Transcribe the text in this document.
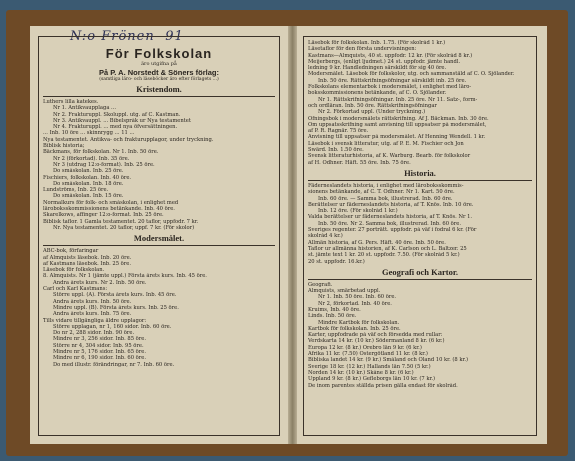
N:o Frönen -91
För Folkskolan
äro utgifna på
På P. A. Norstedt & Söners förlag:
(samtliga läro- och läseböcker äro efter förlagets ...)
Kristendom.
Luthers lilla katekes.
Nr 1. Antikvaupplaga ...
Nr 2. Frakturuppl. Skoluppl. utg. af C. Kastman.
Nr 3. Antikvauppl. ... Bibelspråk ur Nya testamentet
Nr 4. Frakturuppl. ... med nya öfversättningen.
... Inb. 10 öre ... skinnrygg ... 11 ...
Nya testamentet. Antikva- och frakturupplagor, under tryckning.
Biblisk historia;
Bäckmans, för folkskolan. Nr 1. Inb. 50 öre.
Nr 2 (förkortad). Inb. 35 öre.
Nr 3 (utdrag 12:o-format). Inb. 25 öre.
Do småskolan. Inb. 25 öre.
Fischiers, folkskolan. Inb. 40 öre.
Do småskolan. Inb. 18 öre.
Lundströms, Inb. 25 öre.
Do småskolan. Inb. 15 öre.
Normalkurs för folk- och småskolan, i enlighet med
läroboksskommissionens betänkande. Inb. 40 öre.
Skarelkows, affinger 12:o-format. Inb. 25 öre.
Biblisk taflor. 1 Gamla testamentet. 20 taflor, uppfodr. 7 kr.
Nr. Nya testamentet. 20 taflor, uppf. 7 kr. (För skolor)
Modersmålet.
ABC-bok, förfaringar
af Almquists läsebok. Inb. 20 öre.
af Kastmans läsebok. Inb. 25 öre.
Läsebok för folkskolan.
8. Almquists. Nr 1 (jämte uppl.) Första årets kurs. Inb. 45 öre.
Andra årets kurs. Nr 2. Inb. 50 öre.
Carl och Karl Kastmans:
Större uppl. (A). Första årets kurs. Inb. 45 öre.
Andra årets kurs. Inb. 50 öre.
Mindre uppl. (B). Första årets kurs. Inb. 25 öre.
Andra årets kurs. Inb. 75 öre.
Tills vidare tillgängliga äldre upplagor:
Större upplagan, nr 1, 160 sidor. Inb. 60 öre.
Do nr 2, 288 sidor. Inb. 90 öre.
Mindre nr 3, 256 sidor. Inb. 85 öre.
Större nr 4, 304 sidor. Inb. 95 öre.
Mindre nr 5, 176 sidor. Inb. 65 öre.
Mindre nr 6, 190 sidor. Inb. 60 öre.
Do med illustr. förändringar, nr 7. Inb. 60 öre.
Läsebok för folkskolan. Inb. 1.75. (För skolråd 1 kr.)
Läsetaflor för den första undervisningen:
Kastmans—Almquists, 40 st. uppfodr. 12 kr. (För skolråd 8 kr.)
Meijerbergs, (enligt ljudmet.) 24 st. uppfodr. jämte handl.
ledning 9 kr. Handledningen särskildt för sig 40 öre.
Modersmålet. Läsebok för folkskolor, utg. och sammanstäld af C. O. Sjölander.
Inb. 50 öre. Rättskrifningsöfningar särskildt inb. 25 öre.
Folkskolans elementarbok i modersmålet, i enlighet med läro-
boksskommissionens betänkande, af C. O. Sjölander.
Nr 1. Rättskrifningsöfningar. Inb. 25 öre. Nr 11. Satz-, form-
och ordläran. Inb. 50 öre. Rättskrifningsöfningar
Nr 2. Förkortad uppl. (Under tryckning.)
Öfningsbok i modersmålets rättskrifning. Af J. Bäckman. Inb. 30 öre.
Om uppsatsskrifning samt anvisning till uppsatser på modersmålet,
af P. R. Ragnär. 75 öre.
Anvisning till uppsatser på modersmålet. Af Henning Wendell. 1 kr.
Läsebok i svensk litteratur, utg. af P. E. M. Fischier och Jon
Swärd. Inb. 1.50 öre.
Svensk litteraturhistoria, af K. Warburg. Bearb. för folkskolor
af H. Odhner. Häft. 55 öre. Inb. 75 öre.
Historia.
Fäderneslandets historia, i enlighet med läroboksskommis-
sionens betänkande, af C. T. Odhner. Nr 1. Kart. 50 öre.
Inb. 60 öre. — Samma bok, illustrerad. Inb. 60 öre.
Berättelser ur fäderneslandets historia, af T. Knös. Inb. 10 öre.
Inb. 12 öre. (För skolråd 1 kr.)
Valda berättelser ur fäderneslandets historia, af T. Knös. Nr 1.
Inb. 50 öre. Nr 2. Samma bok, illustrerad. Inb. 60 öre.
Sveriges regenter. 27 porträtt. uppfodr. på väf i fodral 6 kr. (För
skolråd 4 kr.)
Allmän historia, af G. Pers. Häft. 40 öre. Inb. 50 öre.
Taflor ur allmänna historien, af K. Carlson och L. Baltzer. 25
st. jämte text 1 kr. 20 st. uppfodr. 7.50. (För skolråd 5 kr.)
20 st. uppfodr. 16.kr.)
Geografi och Kartor.
Geografi.
Almquists, smärbetad uppl.
Nr 1. Inb. 50 öre. Inb. 60 öre.
Nr 2, förkortad. Inb. 40 öre.
Kruims, Inb. 40 öre.
Linds. Inb. 50 öre.
Mindre Kartbok för folkskolan.
Kartbok för folkskolan. Inb. 25 öre.
Karter, uppfodrade på väf och försedda med rullar:
Verdskarta 14 kr. (10 kr.) Södermanland 8 kr. (6 kr.)
Europa 12 kr. (8 kr.) Örebro län 9 kr. (6 kr.)
Afrika 11 kr. (7.50) Östergötland 11 kr. (8 kr.)
Bibliska landet 14 kr. (9 kr.) Småland och Öland 10 kr. (8 kr.)
Sverige 18 kr. (12 kr.) Hallands län 7.50 (5 kr.)
Norden 14 kr. (10 kr.) Skåne 8 kr. (6 kr.)
Uppland 9 kr. (8 kr.) Gefleborgs län 10 kr. (7 kr.)
De inom parentes ställda prisen gälla endast för skolråd.
